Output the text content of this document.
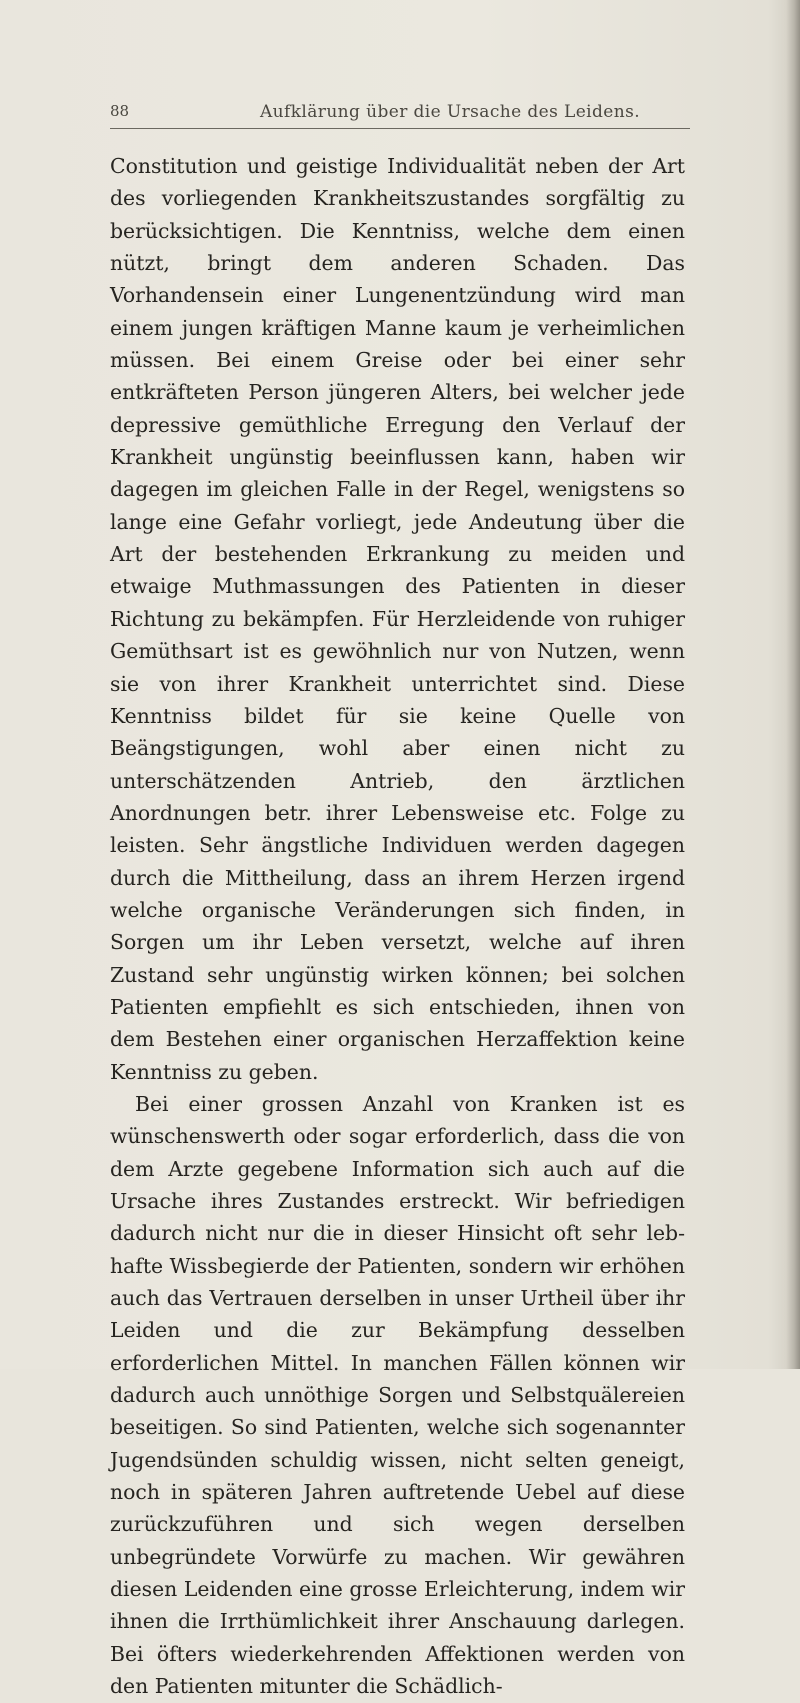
88	Aufklärung über die Ursache des Leidens.

Constitution und geistige Individualität neben der Art des vorliegenden Krankheitszustandes sorgfältig zu berücksichtigen. Die Kenntniss, welche dem einen nützt, bringt dem anderen Schaden. Das Vorhandensein einer Lungenentzündung wird man einem jungen kräftigen Manne kaum je verheimlichen müssen. Bei einem Greise oder bei einer sehr entkräfteten Person jüngeren Alters, bei welcher jede depressive gemüthliche Erregung den Verlauf der Krankheit ungünstig beeinflussen kann, haben wir dagegen im gleichen Falle in der Regel, wenigstens so lange eine Gefahr vorliegt, jede Andeutung über die Art der bestehenden Erkrankung zu meiden und etwaige Muthmassungen des Patienten in dieser Richtung zu bekämpfen. Für Herzleidende von ruhiger Gemüthsart ist es gewöhnlich nur von Nutzen, wenn sie von ihrer Krankheit unterrichtet sind. Diese Kenntniss bildet für sie keine Quelle von Beängstigungen, wohl aber einen nicht zu unterschätzenden Antrieb, den ärztlichen Anordnungen betr. ihrer Lebensweise etc. Folge zu leisten. Sehr ängstliche Individuen werden dagegen durch die Mittheilung, dass an ihrem Herzen irgend welche organische Veränderungen sich finden, in Sorgen um ihr Leben versetzt, welche auf ihren Zustand sehr ungünstig wirken können; bei solchen Patienten empfiehlt es sich entschieden, ihnen von dem Bestehen einer organischen Herzaffektion keine Kenntniss zu geben.

Bei einer grossen Anzahl von Kranken ist es wünschenswerth oder sogar erforderlich, dass die von dem Arzte gegebene Information sich auch auf die Ursache ihres Zustandes erstreckt. Wir befriedigen dadurch nicht nur die in dieser Hinsicht oft sehr lebhafte Wissbegierde der Patienten, sondern wir erhöhen auch das Vertrauen derselben in unser Urtheil über ihr Leiden und die zur Bekämpfung desselben erforderlichen Mittel. In manchen Fällen können wir dadurch auch unnöthige Sorgen und Selbstquälereien beseitigen. So sind Patienten, welche sich sogenannter Jugendsünden schuldig wissen, nicht selten geneigt, noch in späteren Jahren auftretende Uebel auf diese zurückzuführen und sich wegen derselben unbegründete Vorwürfe zu machen. Wir gewähren diesen Leidenden eine grosse Erleichterung, indem wir ihnen die Irrthümlichkeit ihrer Anschauung darlegen. Bei öfters wiederkehrenden Affektionen werden von den Patienten mitunter die Schädlich-
